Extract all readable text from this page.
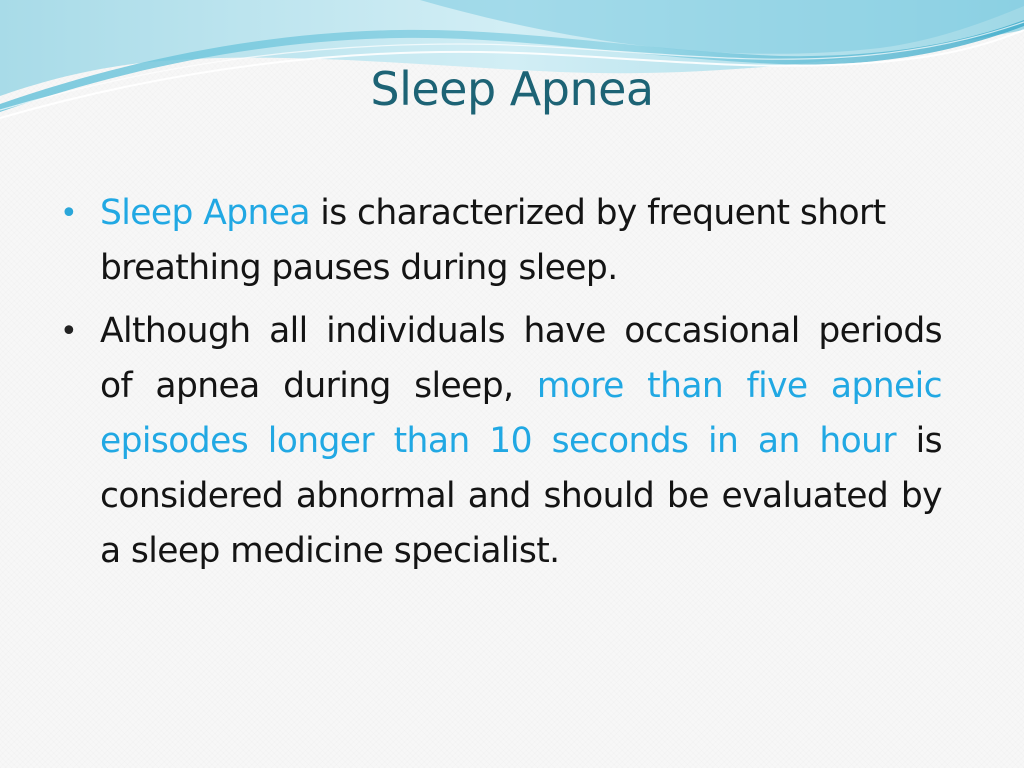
Sleep Apnea
• Sleep Apnea is characterized by frequent short breathing pauses during sleep.
• Although all individuals have occasional periods of apnea during sleep, more than five apneic episodes longer than 10 seconds in an hour is considered abnormal and should be evaluated by a sleep medicine specialist.
